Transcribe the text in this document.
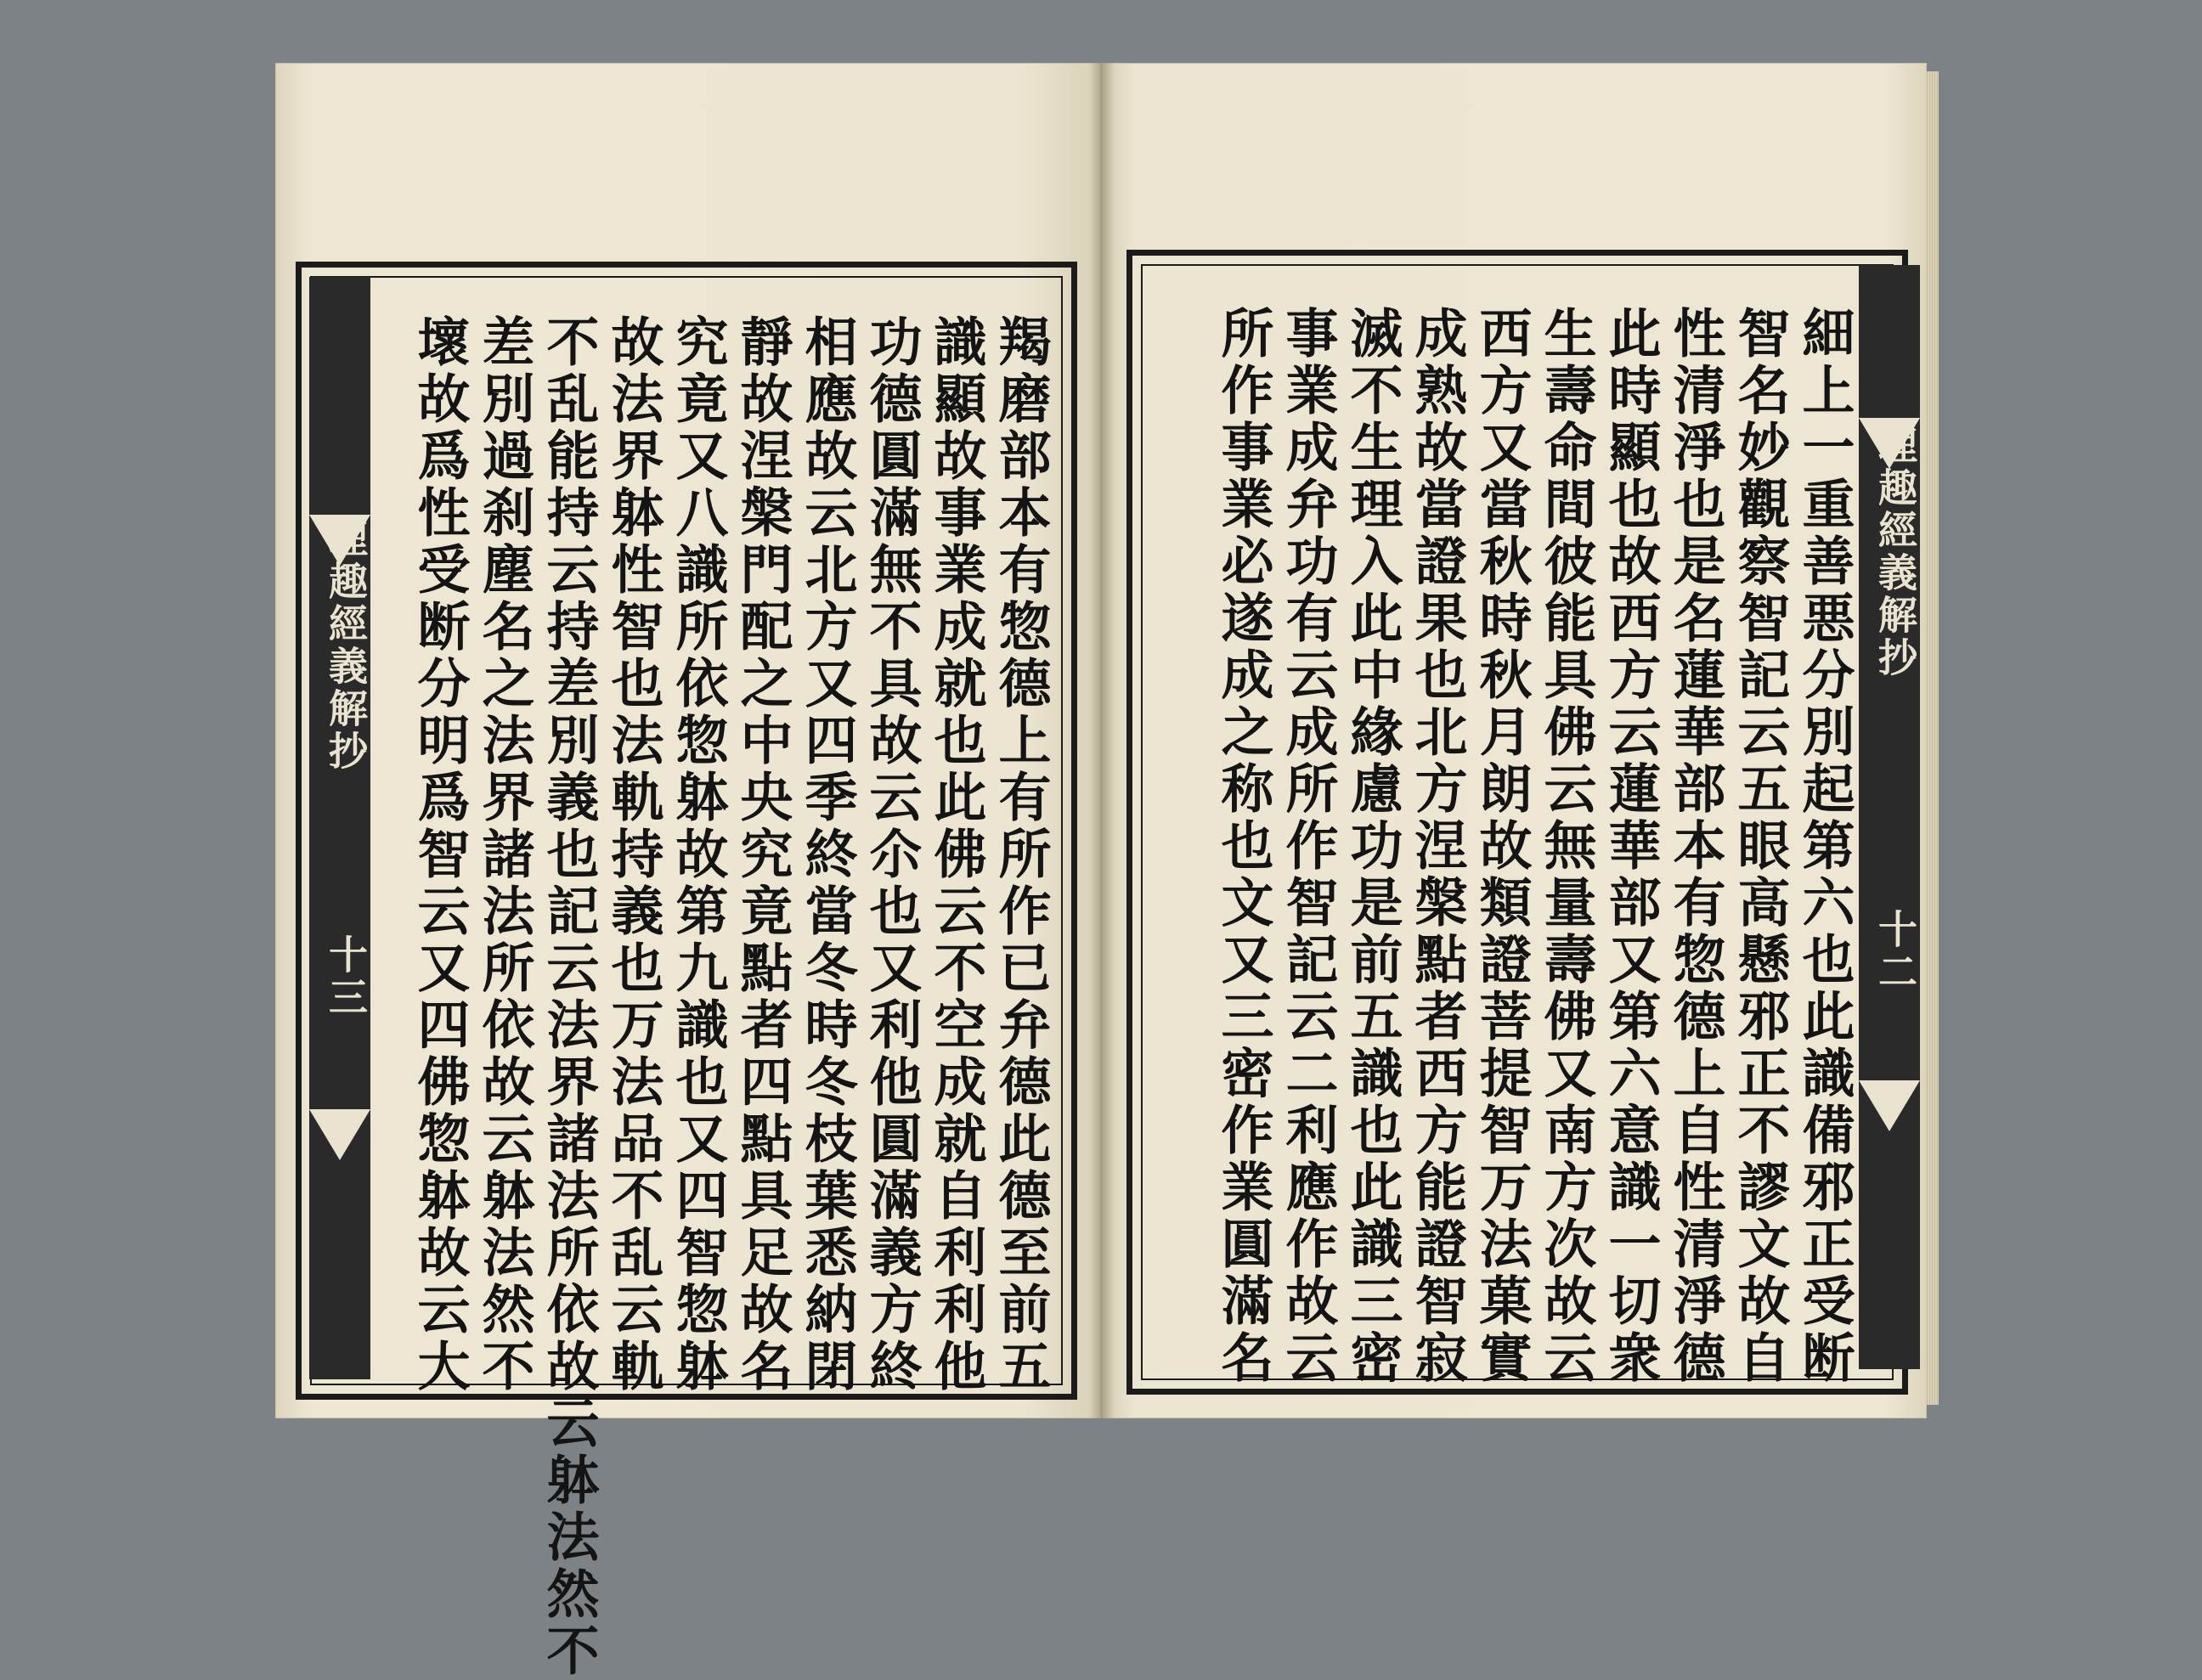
理趣經義解抄
十三	羯磨部本有惣德上有所作已弁德此德至前五
識顯故事業成就也此佛云不空成就自利利他
功德圓滿無不具故云尒也又利他圓滿義方終
相應故云北方又四季終當冬時冬枝葉悉納閉
靜故涅槃門配之中央究竟點者四點具足故名
究竟又八識所依惣躰故第九識也又四智惣躰
故法界躰性智也法軌持義也万法品不乱云軌
不乱能持云持差別義也記云法界諸法所依故云躰法然不
差別過刹塵名之法界諸法所依故云躰法然不
壞故爲性受断分明爲智云又四佛惣躰故云大	理趣經義解抄
十二
細上一重善悪分別起第六也此識備邪正受断
智名妙觀察智記云五眼高懸邪正不謬文故自
性清淨也是名蓮華部本有惣德上自性清淨德
此時顯也故西方云蓮華部又第六意識一切衆
生壽命間彼能具佛云無量壽佛又南方次故云
西方又當秋時秋月朗故類證菩提智万法菓實
成熟故當證果也北方涅槃點者西方能證智寂
滅不生理入此中緣慮功是前五識也此識三密
事業成弁功有云成所作智記云二利應作故云
所作事業必遂成之称也文又三密作業圓滿名
